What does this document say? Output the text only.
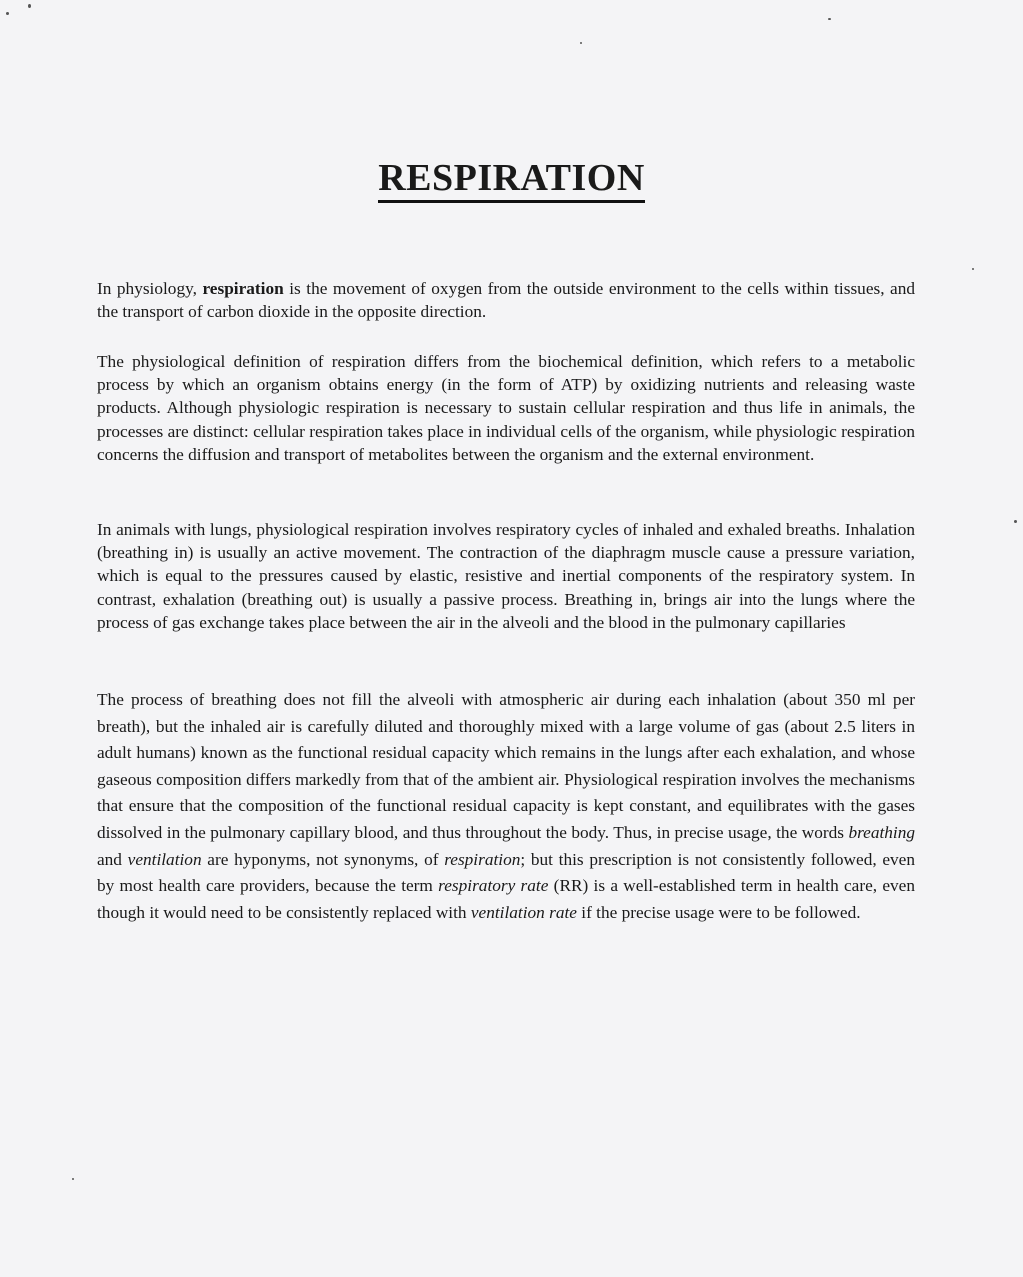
RESPIRATION

In physiology, respiration is the movement of oxygen from the outside environment to the cells within tissues, and the transport of carbon dioxide in the opposite direction.

The physiological definition of respiration differs from the biochemical definition, which refers to a metabolic process by which an organism obtains energy (in the form of ATP) by oxidizing nutrients and releasing waste products. Although physiologic respiration is necessary to sustain cellular respiration and thus life in animals, the processes are distinct: cellular respiration takes place in individual cells of the organism, while physiologic respiration concerns the diffusion and transport of metabolites between the organism and the external environment.

In animals with lungs, physiological respiration involves respiratory cycles of inhaled and exhaled breaths. Inhalation (breathing in) is usually an active movement. The contraction of the diaphragm muscle cause a pressure variation, which is equal to the pressures caused by elastic, resistive and inertial components of the respiratory system. In contrast, exhalation (breathing out) is usually a passive process. Breathing in, brings air into the lungs where the process of gas exchange takes place between the air in the alveoli and the blood in the pulmonary capillaries

The process of breathing does not fill the alveoli with atmospheric air during each inhalation (about 350 ml per breath), but the inhaled air is carefully diluted and thoroughly mixed with a large volume of gas (about 2.5 liters in adult humans) known as the functional residual capacity which remains in the lungs after each exhalation, and whose gaseous composition differs markedly from that of the ambient air. Physiological respiration involves the mechanisms that ensure that the composition of the functional residual capacity is kept constant, and equilibrates with the gases dissolved in the pulmonary capillary blood, and thus throughout the body. Thus, in precise usage, the words breathing and ventilation are hyponyms, not synonyms, of respiration; but this prescription is not consistently followed, even by most health care providers, because the term respiratory rate (RR) is a well-established term in health care, even though it would need to be consistently replaced with ventilation rate if the precise usage were to be followed.
